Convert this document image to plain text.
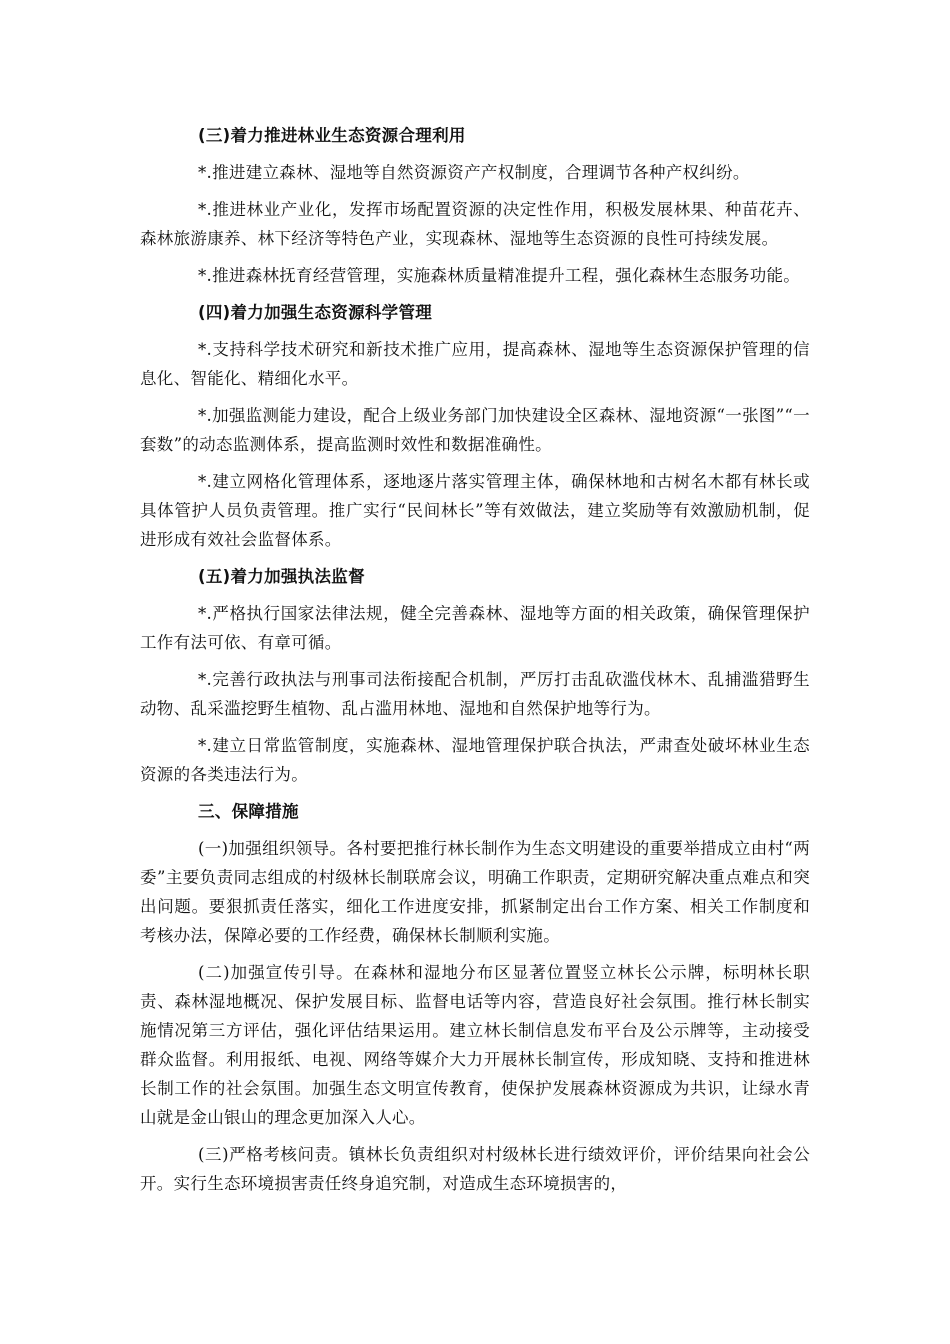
(三)着力推进林业生态资源合理利用
*.推进建立森林、湿地等自然资源资产产权制度，合理调节各种产权纠纷。
*.推进林业产业化，发挥市场配置资源的决定性作用，积极发展林果、种苗花卉、森林旅游康养、林下经济等特色产业，实现森林、湿地等生态资源的良性可持续发展。
*.推进森林抚育经营管理，实施森林质量精准提升工程，强化森林生态服务功能。
(四)着力加强生态资源科学管理
*.支持科学技术研究和新技术推广应用，提高森林、湿地等生态资源保护管理的信息化、智能化、精细化水平。
*.加强监测能力建设，配合上级业务部门加快建设全区森林、湿地资源“一张图”“一套数”的动态监测体系，提高监测时效性和数据准确性。
*.建立网格化管理体系，逐地逐片落实管理主体，确保林地和古树名木都有林长或具体管护人员负责管理。推广实行“民间林长”等有效做法，建立奖励等有效激励机制，促进形成有效社会监督体系。
(五)着力加强执法监督
*.严格执行国家法律法规，健全完善森林、湿地等方面的相关政策，确保管理保护工作有法可依、有章可循。
*.完善行政执法与刑事司法衔接配合机制，严厉打击乱砍滥伐林木、乱捕滥猎野生动物、乱采滥挖野生植物、乱占滥用林地、湿地和自然保护地等行为。
*.建立日常监管制度，实施森林、湿地管理保护联合执法，严肃查处破坏林业生态资源的各类违法行为。
三、保障措施
(一)加强组织领导。各村要把推行林长制作为生态文明建设的重要举措成立由村“两委”主要负责同志组成的村级林长制联席会议，明确工作职责，定期研究解决重点难点和突出问题。要狠抓责任落实，细化工作进度安排，抓紧制定出台工作方案、相关工作制度和考核办法，保障必要的工作经费，确保林长制顺利实施。
(二)加强宣传引导。在森林和湿地分布区显著位置竖立林长公示牌，标明林长职责、森林湿地概况、保护发展目标、监督电话等内容，营造良好社会氛围。推行林长制实施情况第三方评估，强化评估结果运用。建立林长制信息发布平台及公示牌等，主动接受群众监督。利用报纸、电视、网络等媒介大力开展林长制宣传，形成知晓、支持和推进林长制工作的社会氛围。加强生态文明宣传教育，使保护发展森林资源成为共识，让绿水青山就是金山银山的理念更加深入人心。
(三)严格考核问责。镇林长负责组织对村级林长进行绩效评价，评价结果向社会公开。实行生态环境损害责任终身追究制，对造成生态环境损害的，
